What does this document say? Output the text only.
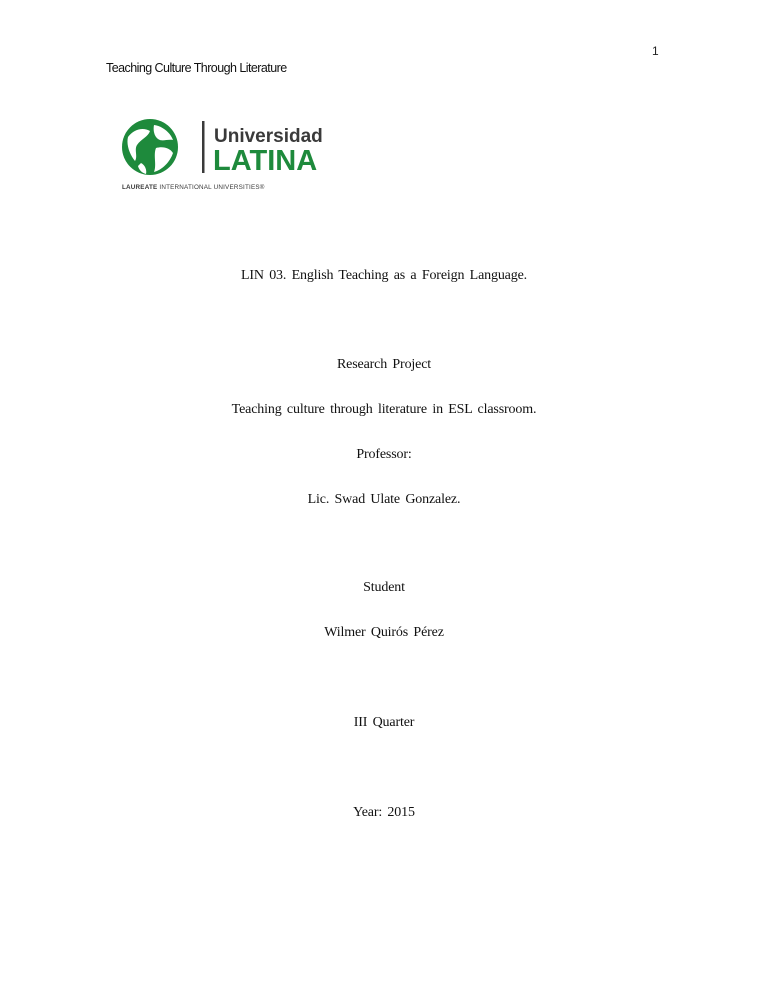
1
Teaching Culture Through Literature
Universidad
LATINA
LAUREATE INTERNATIONAL UNIVERSITIES®
LIN 03. English Teaching as a Foreign Language.
Research Project
Teaching culture through literature in ESL classroom.
Professor:
Lic. Swad Ulate Gonzalez.
Student
Wilmer Quirós Pérez
III Quarter
Year: 2015
